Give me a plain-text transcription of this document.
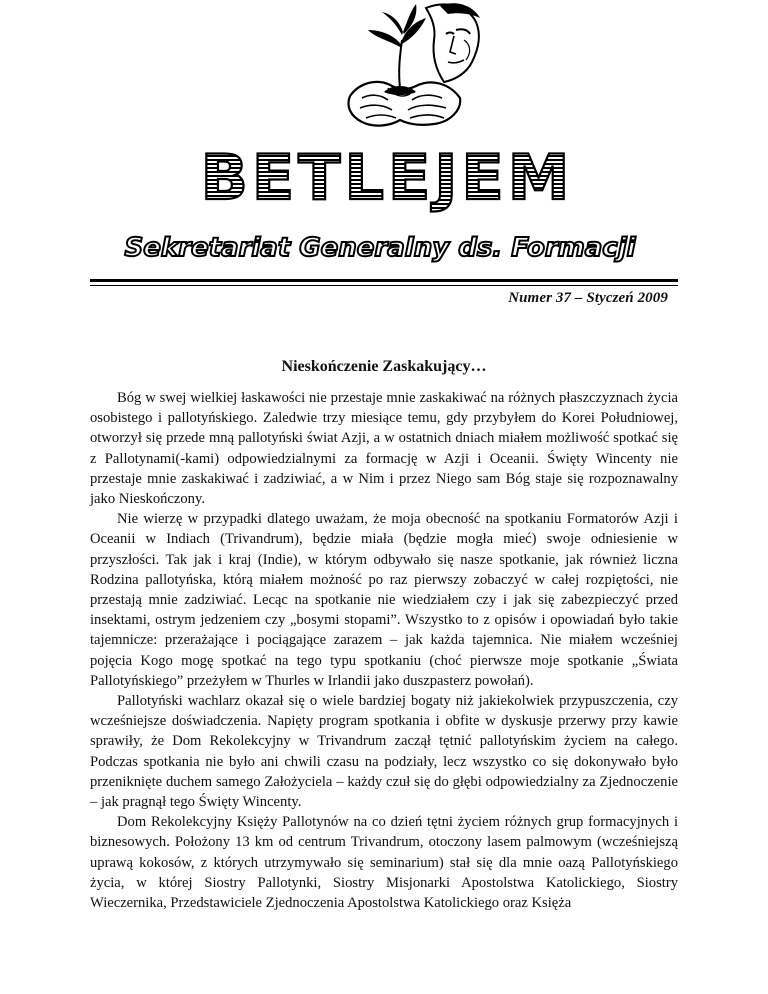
BETLEJEM
Sekretariat Generalny ds. Formacji
Numer 37 – Styczeń 2009
Nieskończenie Zaskakujący…

Bóg w swej wielkiej łaskawości nie przestaje mnie zaskakiwać na różnych płaszczyznach życia osobistego i pallotyńskiego. Zaledwie trzy miesiące temu, gdy przybyłem do Korei Południowej, otworzył się przede mną pallotyński świat Azji, a w ostatnich dniach miałem możliwość spotkać się z Pallotynami(-kami) odpowiedzialnymi za formację w Azji i Oceanii. Święty Wincenty nie przestaje mnie zaskakiwać i zadziwiać, a w Nim i przez Niego sam Bóg staje się rozpoznawalny jako Nieskończony.

Nie wierzę w przypadki dlatego uważam, że moja obecność na spotkaniu Formatorów Azji i Oceanii w Indiach (Trivandrum), będzie miała (będzie mogła mieć) swoje odniesienie w przyszłości. Tak jak i kraj (Indie), w którym odbywało się nasze spotkanie, jak również liczna Rodzina pallotyńska, którą miałem możność po raz pierwszy zobaczyć w całej rozpiętości, nie przestają mnie zadziwiać. Lecąc na spotkanie nie wiedziałem czy i jak się zabezpieczyć przed insektami, ostrym jedzeniem czy „bosymi stopami”. Wszystko to z opisów i opowiadań było takie tajemnicze: przerażające i pociągające zarazem – jak każda tajemnica. Nie miałem wcześniej pojęcia Kogo mogę spotkać na tego typu spotkaniu (choć pierwsze moje spotkanie „Świata Pallotyńskiego” przeżyłem w Thurles w Irlandii jako duszpasterz powołań).

Pallotyński wachlarz okazał się o wiele bardziej bogaty niż jakiekolwiek przypuszczenia, czy wcześniejsze doświadczenia. Napięty program spotkania i obfite w dyskusje przerwy przy kawie sprawiły, że Dom Rekolekcyjny w Trivandrum zaczął tętnić pallotyńskim życiem na całego. Podczas spotkania nie było ani chwili czasu na podziały, lecz wszystko co się dokonywało było przeniknięte duchem samego Założyciela – każdy czuł się do głębi odpowiedzialny za Zjednoczenie – jak pragnął tego Święty Wincenty.

Dom Rekolekcyjny Księży Pallotynów na co dzień tętni życiem różnych grup formacyjnych i biznesowych. Położony 13 km od centrum Trivandrum, otoczony lasem palmowym (wcześniejszą uprawą kokosów, z których utrzymywało się seminarium) stał się dla mnie oazą Pallotyńskiego życia, w której Siostry Pallotynki, Siostry Misjonarki Apostolstwa Katolickiego, Siostry Wieczernika, Przedstawiciele Zjednoczenia Apostolstwa Katolickiego oraz Księża
